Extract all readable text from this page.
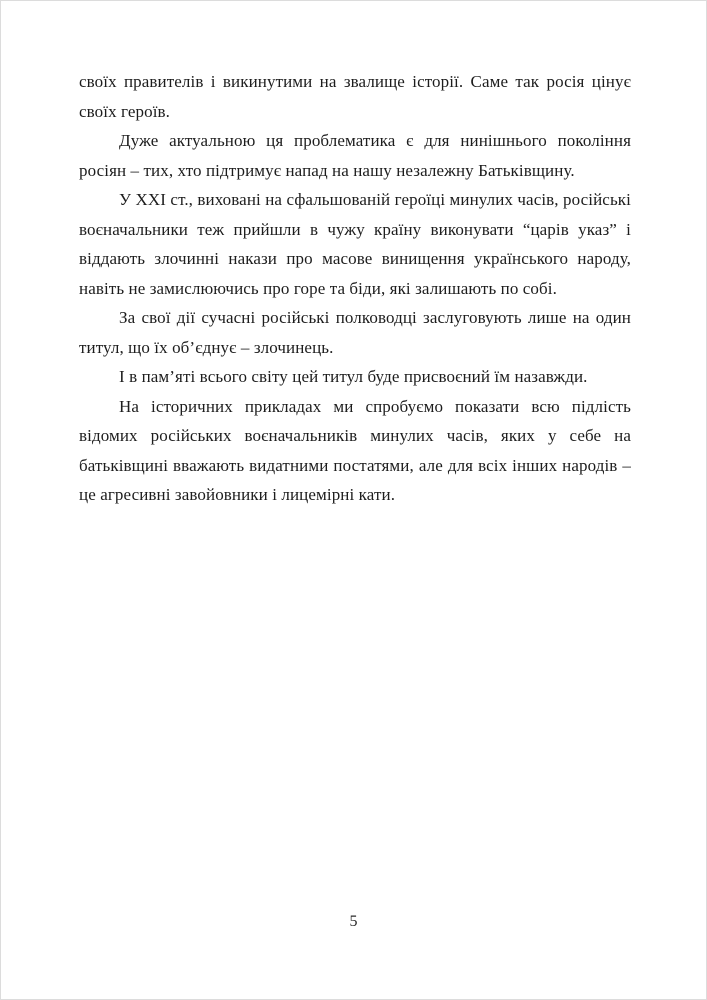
своїх правителів і викинутими на звалище історії. Саме так росія цінує своїх героїв.

Дуже актуальною ця проблематика є для нинішнього покоління росіян – тих, хто підтримує напад на нашу незалежну Батьківщину.

У XXI ст., виховані на сфальшованій героїці минулих часів, російські воєначальники теж прийшли в чужу країну виконувати “царів указ” і віддають злочинні накази про масове винищення українського народу, навіть не замислюючись про горе та біди, які залишають по собі.

За свої дії сучасні російські полководці заслуговують лише на один титул, що їх об’єднує – злочинець.

І в пам’яті всього світу цей титул буде присвоєний їм назавжди.

На історичних прикладах ми спробуємо показати всю підлість відомих російських воєначальників минулих часів, яких у себе на батьківщині вважають видатними постатями, але для всіх інших народів – це агресивні завойовники і лицемірні кати.

5
